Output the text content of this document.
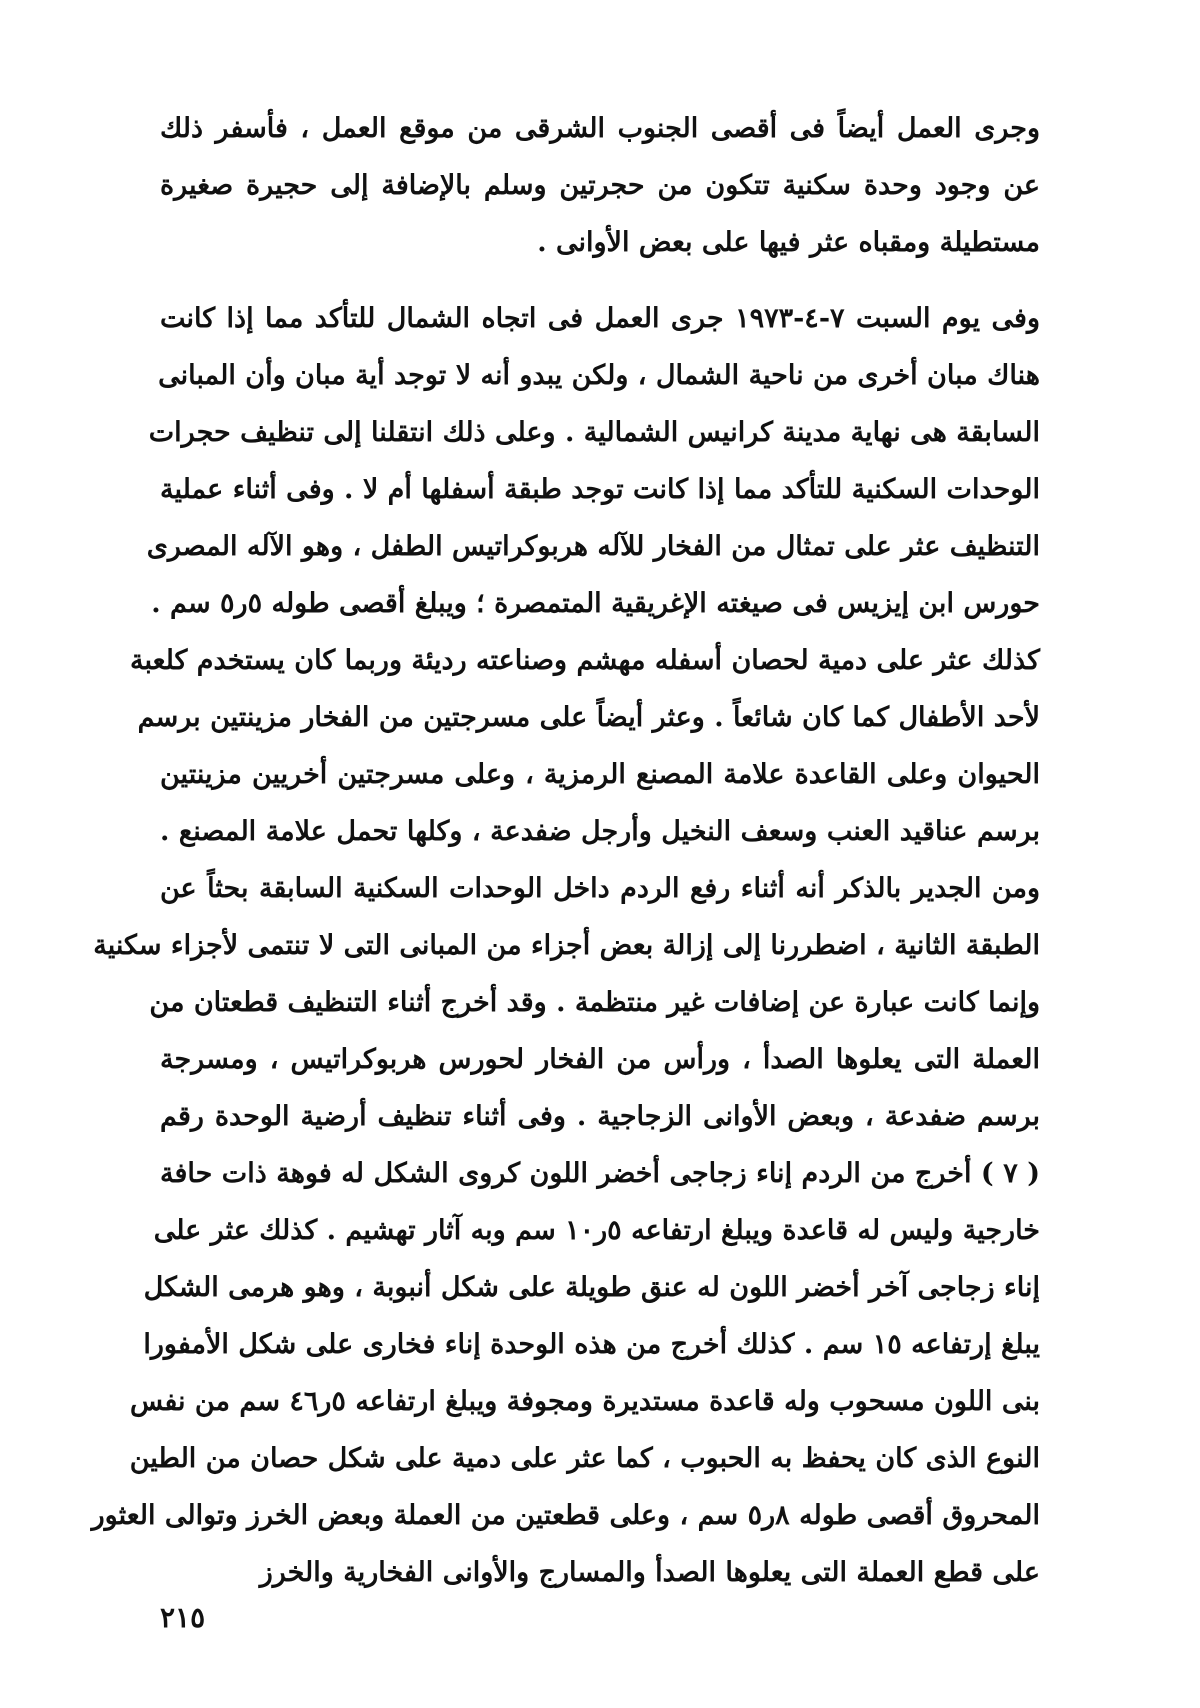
وجرى العمل أيضاً فى أقصى الجنوب الشرقى من موقع العمل ، فأسفر ذلك
عن وجود وحدة سكنية تتكون من حجرتين وسلم بالإضافة إلى حجيرة صغيرة
مستطيلة ومقباه عثر فيها على بعض الأوانى .
وفى يوم السبت ٧-٤-١٩٧٣ جرى العمل فى اتجاه الشمال للتأكد مما إذا كانت
هناك مبان أخرى من ناحية الشمال ، ولكن يبدو أنه لا توجد أية مبان وأن المبانى
السابقة هى نهاية مدينة كرانيس الشمالية . وعلى ذلك انتقلنا إلى تنظيف حجرات
الوحدات السكنية للتأكد مما إذا كانت توجد طبقة أسفلها أم لا . وفى أثناء عملية
التنظيف عثر على تمثال من الفخار للآله هربوكراتيس الطفل ، وهو الآله المصرى
حورس ابن إيزيس فى صيغته الإغريقية المتمصرة ؛ ويبلغ أقصى طوله ٥ر٥ سم .
كذلك عثر على دمية لحصان أسفله مهشم وصناعته رديئة وربما كان يستخدم كلعبة
لأحد الأطفال كما كان شائعاً . وعثر أيضاً على مسرجتين من الفخار مزينتين برسم
الحيوان وعلى القاعدة علامة المصنع الرمزية ، وعلى مسرجتين أخريين مزينتين
برسم عناقيد العنب وسعف النخيل وأرجل ضفدعة ، وكلها تحمل علامة المصنع .
ومن الجدير بالذكر أنه أثناء رفع الردم داخل الوحدات السكنية السابقة بحثاً عن
الطبقة الثانية ، اضطررنا إلى إزالة بعض أجزاء من المبانى التى لا تنتمى لأجزاء سكنية
وإنما كانت عبارة عن إضافات غير منتظمة . وقد أخرج أثناء التنظيف قطعتان من
العملة التى يعلوها الصدأ ، ورأس من الفخار لحورس هربوكراتيس ، ومسرجة
برسم ضفدعة ، وبعض الأوانى الزجاجية . وفى أثناء تنظيف أرضية الوحدة رقم
( ٧ ) أخرج من الردم إناء زجاجى أخضر اللون كروى الشكل له فوهة ذات حافة
خارجية وليس له قاعدة ويبلغ ارتفاعه ٥ر١٠ سم وبه آثار تهشيم . كذلك عثر على
إناء زجاجى آخر أخضر اللون له عنق طويلة على شكل أنبوبة ، وهو هرمى الشكل
يبلغ إرتفاعه ١٥ سم . كذلك أخرج من هذه الوحدة إناء فخارى على شكل الأمفورا
بنى اللون مسحوب وله قاعدة مستديرة ومجوفة ويبلغ ارتفاعه ٥ر٤٦ سم من نفس
النوع الذى كان يحفظ به الحبوب ، كما عثر على دمية على شكل حصان من الطين
المحروق أقصى طوله ٨ر٥ سم ، وعلى قطعتين من العملة وبعض الخرز وتوالى العثور
على قطع العملة التى يعلوها الصدأ والمسارج والأوانى الفخارية والخرز
٢١٥
